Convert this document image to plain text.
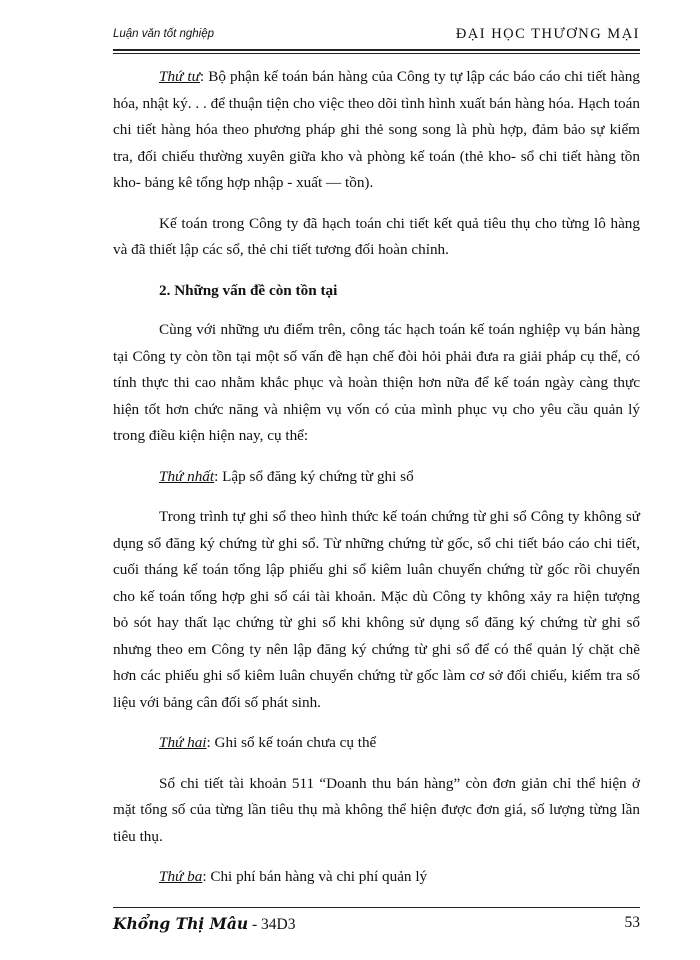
Luận văn tốt nghiệp	ĐẠI HỌC THƯƠNG MẠI

Thứ tư: Bộ phận kế toán bán hàng của Công ty tự lập các báo cáo chi tiết hàng hóa, nhật ký. . . để thuận tiện cho việc theo dõi tình hình xuất bán hàng hóa. Hạch toán chi tiết hàng hóa theo phương pháp ghi thẻ song song là phù hợp, đảm bảo sự kiểm tra, đối chiếu thường xuyên giữa kho và phòng kế toán (thẻ kho- sổ chi tiết hàng tồn kho- bảng kê tổng hợp nhập - xuất — tồn).

Kế toán trong Công ty đã hạch toán chi tiết kết quả tiêu thụ cho từng lô hàng và đã thiết lập các sổ, thẻ chi tiết tương đối hoàn chỉnh.

2. Những vấn đề còn tồn tại

Cùng với những ưu điểm trên, công tác hạch toán kế toán nghiệp vụ bán hàng tại Công ty còn tồn tại một số vấn đề hạn chế đòi hỏi phải đưa ra giải pháp cụ thể, có tính thực thi cao nhằm khắc phục và hoàn thiện hơn nữa để kế toán ngày càng thực hiện tốt hơn chức năng và nhiệm vụ vốn có của mình phục vụ cho yêu cầu quản lý trong điều kiện hiện nay, cụ thể:

Thứ nhất: Lập sổ đăng ký chứng từ ghi sổ

Trong trình tự ghi sổ theo hình thức kế toán chứng từ ghi sổ Công ty không sử dụng sổ đăng ký chứng từ ghi sổ. Từ những chứng từ gốc, sổ chi tiết báo cáo chi tiết, cuối tháng kế toán tổng lập phiếu ghi sổ kiêm luân chuyển chứng từ gốc rồi chuyển cho kế toán tổng hợp ghi sổ cái tài khoản. Mặc dù Công ty không xảy ra hiện tượng bỏ sót hay thất lạc chứng từ ghi sổ khi không sử dụng sổ đăng ký chứng từ ghi sổ nhưng theo em Công ty nên lập đăng ký chứng từ ghi sổ để có thể quản lý chặt chẽ hơn các phiếu ghi sổ kiêm luân chuyển chứng từ gốc làm cơ sở đối chiếu, kiểm tra số liệu với bảng cân đối số phát sinh.

Thứ hai: Ghi sổ kế toán chưa cụ thể

Sổ chi tiết tài khoản 511 “Doanh thu bán hàng” còn đơn giản chỉ thể hiện ở mặt tổng số của từng lần tiêu thụ mà không thể hiện được đơn giá, số lượng từng lần tiêu thụ.

Thứ ba: Chi phí bán hàng và chi phí quản lý

Khổng Thị Mâu - 34D3	53
